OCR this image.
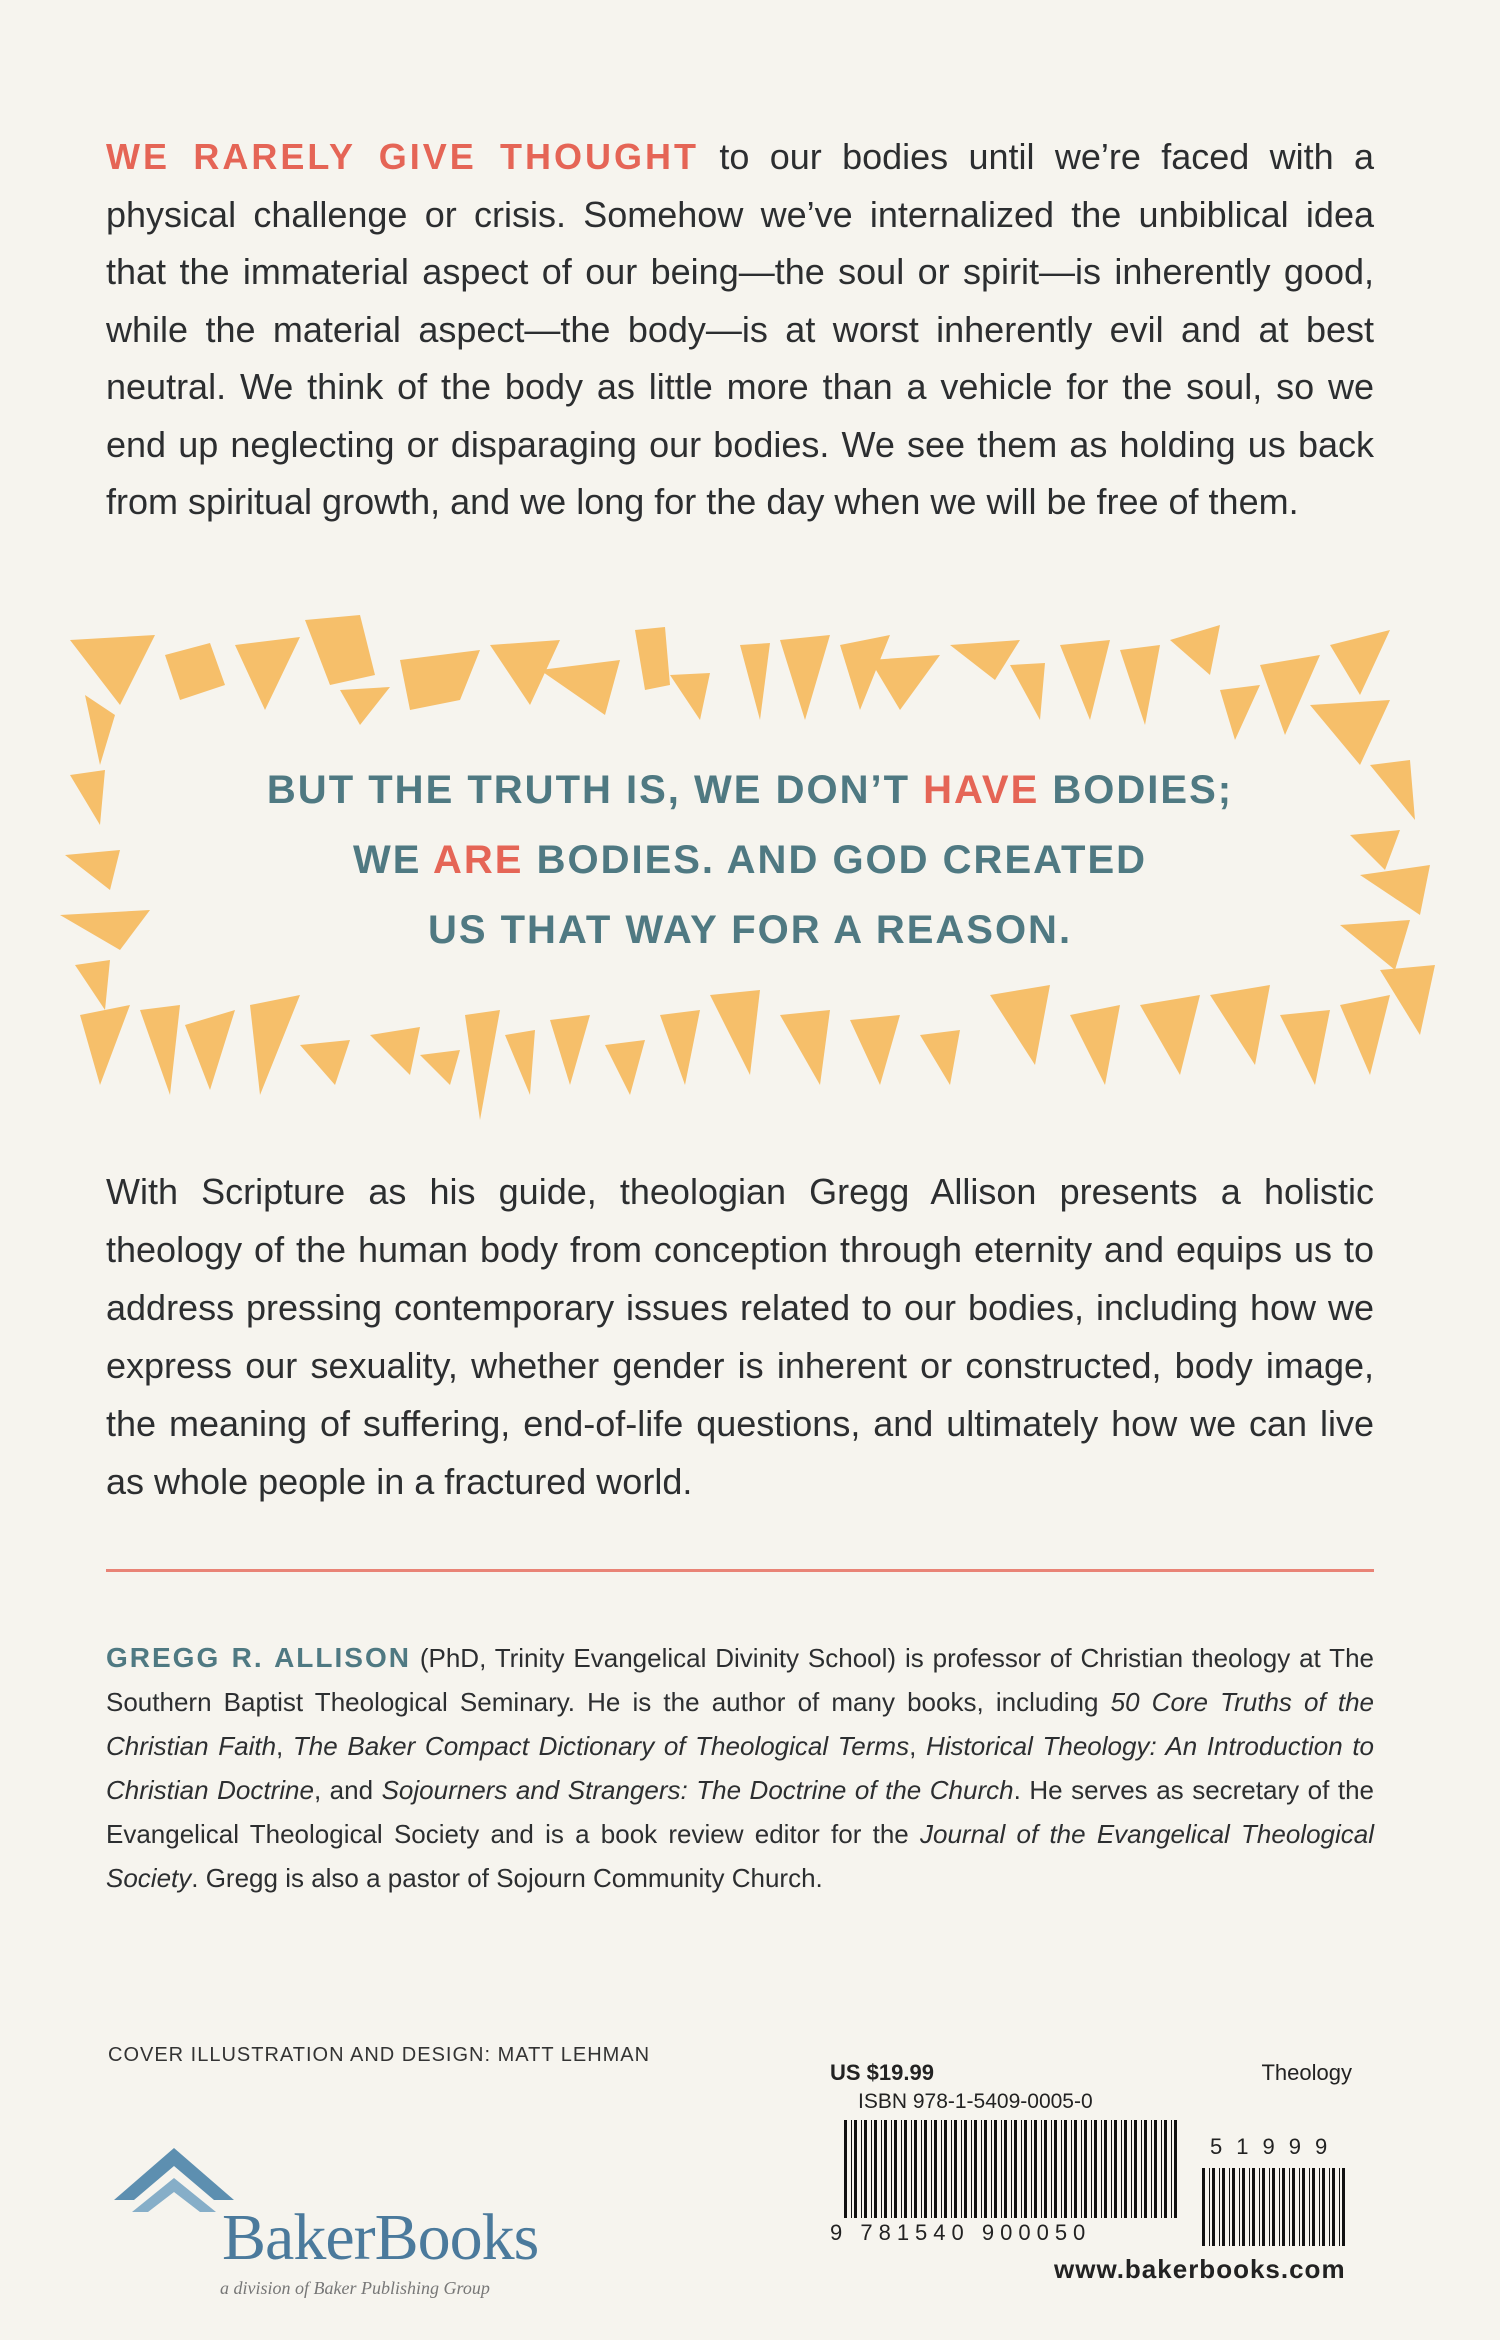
WE RARELY GIVE THOUGHT to our bodies until we’re faced with a physical challenge or crisis. Somehow we’ve internalized the unbiblical idea that the immaterial aspect of our being—the soul or spirit—is inherently good, while the material aspect—the body—is at worst inherently evil and at best neutral. We think of the body as little more than a vehicle for the soul, so we end up neglecting or disparaging our bodies. We see them as holding us back from spiritual growth, and we long for the day when we will be free of them.

BUT THE TRUTH IS, WE DON’T HAVE BODIES;
WE ARE BODIES. AND GOD CREATED
US THAT WAY FOR A REASON.

With Scripture as his guide, theologian Gregg Allison presents a holistic theology of the human body from conception through eternity and equips us to address pressing contemporary issues related to our bodies, including how we express our sexuality, whether gender is inherent or constructed, body image, the meaning of suffering, end-of-life questions, and ultimately how we can live as whole people in a fractured world.

GREGG R. ALLISON (PhD, Trinity Evangelical Divinity School) is professor of Christian theology at The Southern Baptist Theological Seminary. He is the author of many books, including 50 Core Truths of the Christian Faith, The Baker Compact Dictionary of Theological Terms, Historical Theology: An Introduction to Christian Doctrine, and Sojourners and Strangers: The Doctrine of the Church. He serves as secretary of the Evangelical Theological Society and is a book review editor for the Journal of the Evangelical Theological Society. Gregg is also a pastor of Sojourn Community Church.

COVER ILLUSTRATION AND DESIGN: MATT LEHMAN
BakerBooks
a division of Baker Publishing Group
US $19.99	Theology
ISBN 978-1-5409-0005-0
51999
9 781540 900050
www.bakerbooks.com
